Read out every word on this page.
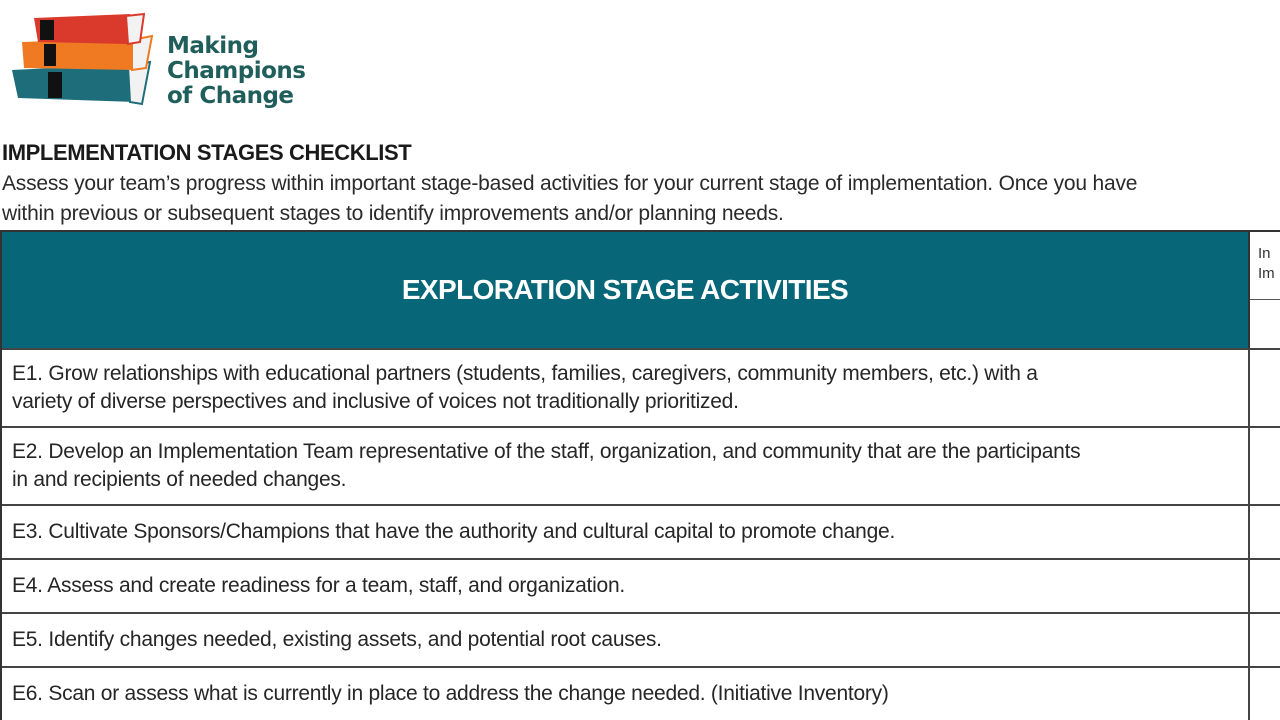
Making
Champions
of Change
IMPLEMENTATION STAGES CHECKLIST
Assess your team’s progress within important stage-based activities for your current stage of implementation. Once you have
within previous or subsequent stages to identify improvements and/or planning needs.
EXPLORATION STAGE ACTIVITIES
In
Im
E1. Grow relationships with educational partners (students, families, caregivers, community members, etc.) with a
variety of diverse perspectives and inclusive of voices not traditionally prioritized.
E2. Develop an Implementation Team representative of the staff, organization, and community that are the participants
in and recipients of needed changes.
E3. Cultivate Sponsors/Champions that have the authority and cultural capital to promote change.
E4. Assess and create readiness for a team, staff, and organization.
E5. Identify changes needed, existing assets, and potential root causes.
E6. Scan or assess what is currently in place to address the change needed. (Initiative Inventory)
